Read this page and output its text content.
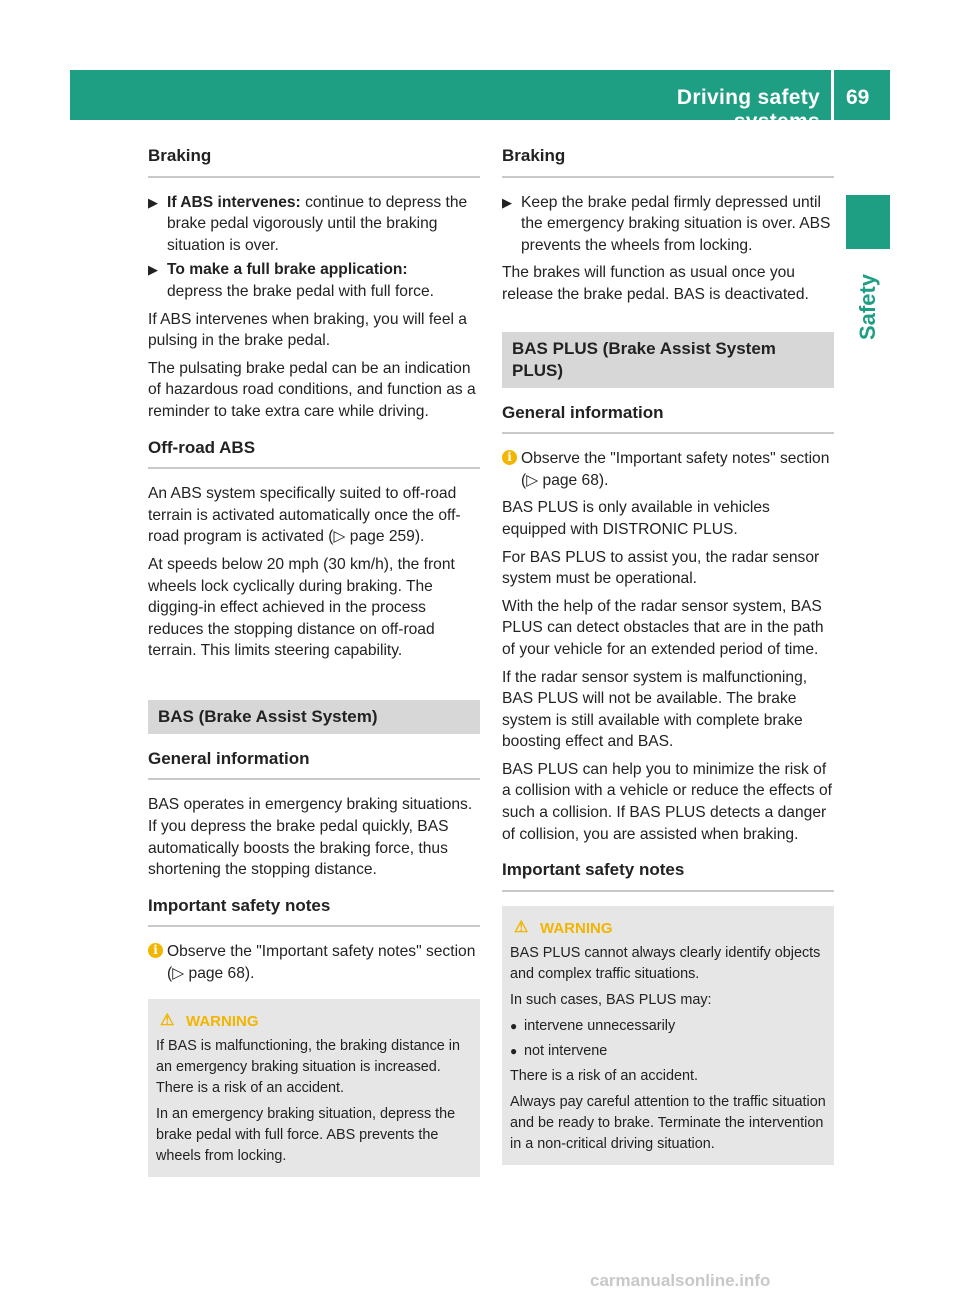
Driving safety systems
69
Safety
Braking
▶ If ABS intervenes: continue to depress the brake pedal vigorously until the braking situation is over.
▶ To make a full brake application:
depress the brake pedal with full force.

If ABS intervenes when braking, you will feel a pulsing in the brake pedal.

The pulsating brake pedal can be an indication of hazardous road conditions, and function as a reminder to take extra care while driving.

Off-road ABS

An ABS system specifically suited to off-road terrain is activated automatically once the off-road program is activated (▷ page 259).

At speeds below 20 mph (30 km/h), the front wheels lock cyclically during braking. The digging-in effect achieved in the process reduces the stopping distance on off-road terrain. This limits steering capability.

BAS (Brake Assist System)
General information

BAS operates in emergency braking situations. If you depress the brake pedal quickly, BAS automatically boosts the braking force, thus shortening the stopping distance.

Important safety notes
i Observe the "Important safety notes" section (▷ page 68).
⚠ WARNING

If BAS is malfunctioning, the braking distance in an emergency braking situation is increased. There is a risk of an accident.

In an emergency braking situation, depress the brake pedal with full force. ABS prevents the wheels from locking.

Braking
▶ Keep the brake pedal firmly depressed until the emergency braking situation is over. ABS prevents the wheels from locking.

The brakes will function as usual once you release the brake pedal. BAS is deactivated.

BAS PLUS (Brake Assist System PLUS)
General information
i Observe the "Important safety notes" section (▷ page 68).

BAS PLUS is only available in vehicles equipped with DISTRONIC PLUS.

For BAS PLUS to assist you, the radar sensor system must be operational.

With the help of the radar sensor system, BAS PLUS can detect obstacles that are in the path of your vehicle for an extended period of time.

If the radar sensor system is malfunctioning, BAS PLUS will not be available. The brake system is still available with complete brake boosting effect and BAS.

BAS PLUS can help you to minimize the risk of a collision with a vehicle or reduce the effects of such a collision. If BAS PLUS detects a danger of collision, you are assisted when braking.

Important safety notes
⚠ WARNING

BAS PLUS cannot always clearly identify objects and complex traffic situations.

In such cases, BAS PLUS may:

● intervene unnecessarily
● not intervene

There is a risk of an accident.

Always pay careful attention to the traffic situation and be ready to brake. Terminate the intervention in a non-critical driving situation.

carmanualsonline.info
